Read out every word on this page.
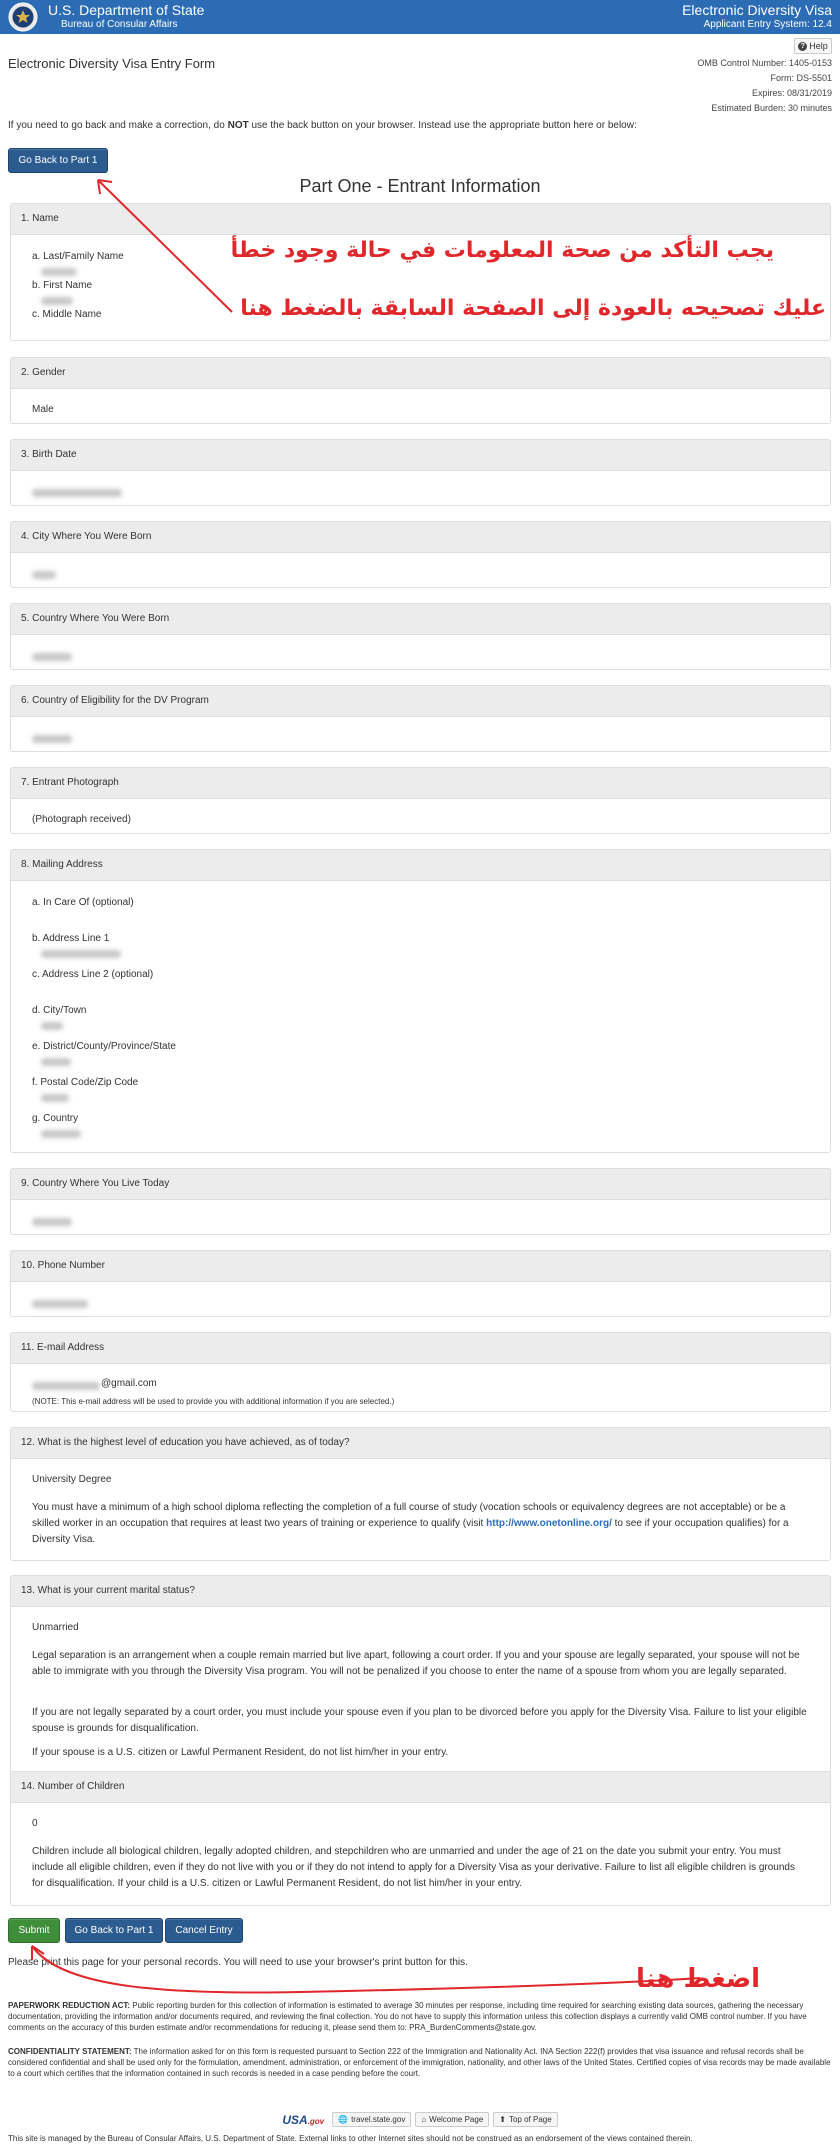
U.S. Department of State
Bureau of Consular Affairs
Electronic Diversity Visa
Applicant Entry System: 12.4
Electronic Diversity Visa Entry Form
? Help
OMB Control Number: 1405-0153
Form: DS-5501
Expires: 08/31/2019
Estimated Burden: 30 minutes
If you need to go back and make a correction, do NOT use the back button on your browser. Instead use the appropriate button here or below:
Go Back to Part 1
Part One - Entrant Information
1. Name
a. Last/Family Name
b. First Name
c. Middle Name
2. Gender
Male
3. Birth Date
4. City Where You Were Born
5. Country Where You Were Born
6. Country of Eligibility for the DV Program
7. Entrant Photograph
(Photograph received)
8. Mailing Address
a. In Care Of (optional)
b. Address Line 1
c. Address Line 2 (optional)
d. City/Town
e. District/County/Province/State
f. Postal Code/Zip Code
g. Country
9. Country Where You Live Today
10. Phone Number
11. E-mail Address
@gmail.com
(NOTE: This e-mail address will be used to provide you with additional information if you are selected.)
12. What is the highest level of education you have achieved, as of today?
University Degree
You must have a minimum of a high school diploma reflecting the completion of a full course of study (vocation schools or equivalency degrees are not acceptable) or be a skilled worker in an occupation that requires at least two years of training or experience to qualify (visit http://www.onetonline.org/ to see if your occupation qualifies) for a Diversity Visa.
13. What is your current marital status?
Unmarried
Legal separation is an arrangement when a couple remain married but live apart, following a court order. If you and your spouse are legally separated, your spouse will not be able to immigrate with you through the Diversity Visa program. You will not be penalized if you choose to enter the name of a spouse from whom you are legally separated.
If you are not legally separated by a court order, you must include your spouse even if you plan to be divorced before you apply for the Diversity Visa. Failure to list your eligible spouse is grounds for disqualification.
If your spouse is a U.S. citizen or Lawful Permanent Resident, do not list him/her in your entry.
14. Number of Children
0
Children include all biological children, legally adopted children, and stepchildren who are unmarried and under the age of 21 on the date you submit your entry. You must include all eligible children, even if they do not live with you or if they do not intend to apply for a Diversity Visa as your derivative. Failure to list all eligible children is grounds for disqualification. If your child is a U.S. citizen or Lawful Permanent Resident, do not list him/her in your entry.
Submit	Go Back to Part 1	Cancel Entry
Please print this page for your personal records. You will need to use your browser's print button for this.
PAPERWORK REDUCTION ACT: Public reporting burden for this collection of information is estimated to average 30 minutes per response, including time required for searching existing data sources, gathering the necessary documentation, providing the information and/or documents required, and reviewing the final collection. You do not have to supply this information unless this collection displays a currently valid OMB control number. If you have comments on the accuracy of this burden estimate and/or recommendations for reducing it, please send them to: PRA_BurdenComments@state.gov.
CONFIDENTIALITY STATEMENT: The information asked for on this form is requested pursuant to Section 222 of the Immigration and Nationality Act. INA Section 222(f) provides that visa issuance and refusal records shall be considered confidential and shall be used only for the formulation, amendment, administration, or enforcement of the immigration, nationality, and other laws of the United States. Certified copies of visa records may be made available to a court which certifies that the information contained in such records is needed in a case pending before the court.
USA.gov 🌐 travel.state.gov ⌂ Welcome Page ⬆ Top of Page
This site is managed by the Bureau of Consular Affairs, U.S. Department of State. External links to other Internet sites should not be construed as an endorsement of the views contained therein.
يجب التأكد من صحة المعلومات في حالة وجود خطأ
عليك تصحيحه بالعودة إلى الصفحة السابقة بالضغط هنا
اضغط هنا
